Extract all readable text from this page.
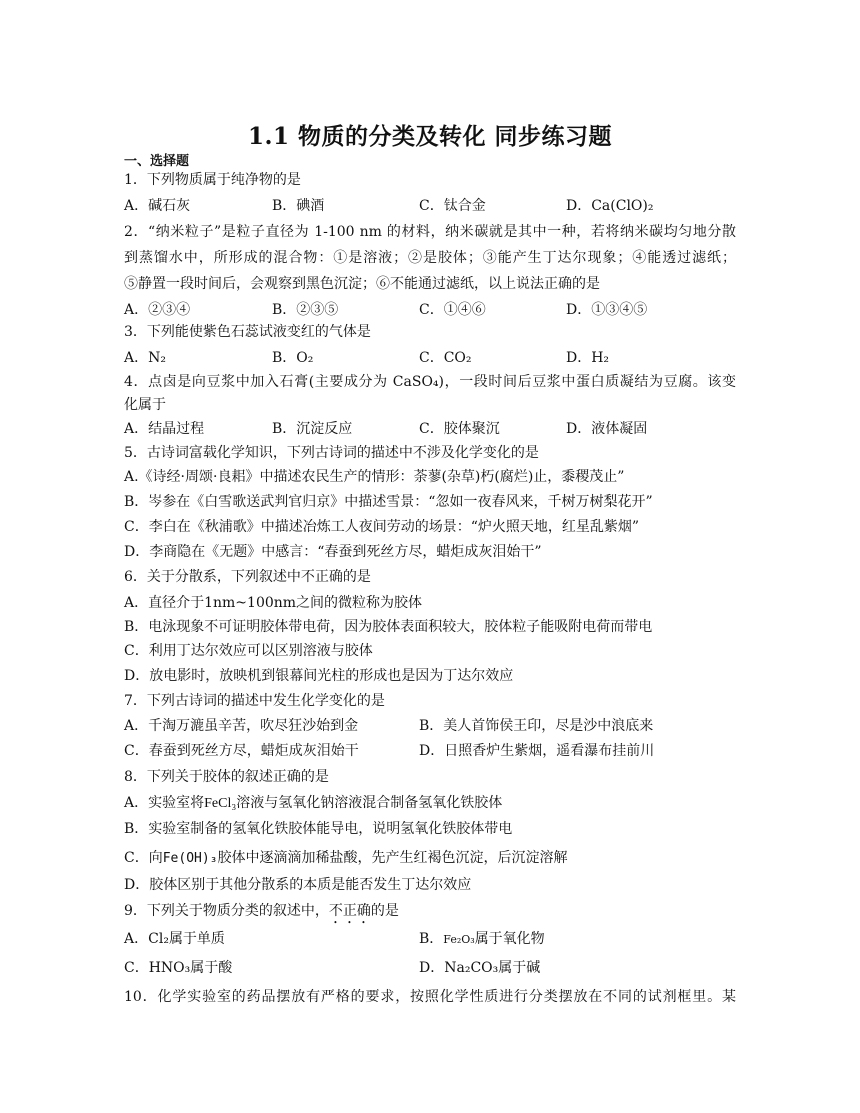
1.1 物质的分类及转化 同步练习题
一、选择题
1．下列物质属于纯净物的是
A．碱石灰	B．碘酒	C．钛合金	D．Ca(ClO)₂
2．“纳米粒子”是粒子直径为 1-100 nm 的材料，纳米碳就是其中一种，若将纳米碳均匀地分散
到蒸馏水中，所形成的混合物：①是溶液；②是胶体；③能产生丁达尔现象；④能透过滤纸；
⑤静置一段时间后，会观察到黑色沉淀；⑥不能通过滤纸，以上说法正确的是
A．②③④	B．②③⑤	C．①④⑥	D．①③④⑤
3．下列能使紫色石蕊试液变红的气体是
A．N₂	B．O₂	C．CO₂	D．H₂
4．点卤是向豆浆中加入石膏(主要成分为 CaSO₄)，一段时间后豆浆中蛋白质凝结为豆腐。该变
化属于
A．结晶过程	B．沉淀反应	C．胶体聚沉	D．液体凝固
5．古诗词富载化学知识，下列古诗词的描述中不涉及化学变化的是
A.《诗经·周颂·良耜》中描述农民生产的情形：荼蓼(杂草)朽(腐烂)止，黍稷茂止”
B．岑参在《白雪歌送武判官归京》中描述雪景：“忽如一夜春风来，千树万树梨花开”
C．李白在《秋浦歌》中描述冶炼工人夜间劳动的场景：“炉火照天地，红星乱紫烟”
D．李商隐在《无题》中感言：“春蚕到死丝方尽，蜡炬成灰泪始干”
6．关于分散系，下列叙述中不正确的是
A．直径介于1nm~100nm之间的微粒称为胶体
B．电泳现象不可证明胶体带电荷，因为胶体表面积较大，胶体粒子能吸附电荷而带电
C．利用丁达尔效应可以区别溶液与胶体
D．放电影时，放映机到银幕间光柱的形成也是因为丁达尔效应
7．下列古诗词的描述中发生化学变化的是
A．千淘万漉虽辛苦，吹尽狂沙始到金	B．美人首饰侯王印，尽是沙中浪底来
C．春蚕到死丝方尽，蜡炬成灰泪始干	D．日照香炉生紫烟，遥看瀑布挂前川
8．下列关于胶体的叙述正确的是
A．实验室将FeCl₃溶液与氢氧化钠溶液混合制备氢氧化铁胶体
B．实验室制备的氢氧化铁胶体能导电，说明氢氧化铁胶体带电
C．向Fe(OH)₃胶体中逐滴滴加稀盐酸，先产生红褐色沉淀，后沉淀溶解
D．胶体区别于其他分散系的本质是能否发生丁达尔效应
9．下列关于物质分类的叙述中，不正确的是
A．Cl₂属于单质	B．Fe₂O₃属于氧化物
C．HNO₃属于酸	D．Na₂CO₃属于碱
10．化学实验室的药品摆放有严格的要求，按照化学性质进行分类摆放在不同的试剂框里。某
